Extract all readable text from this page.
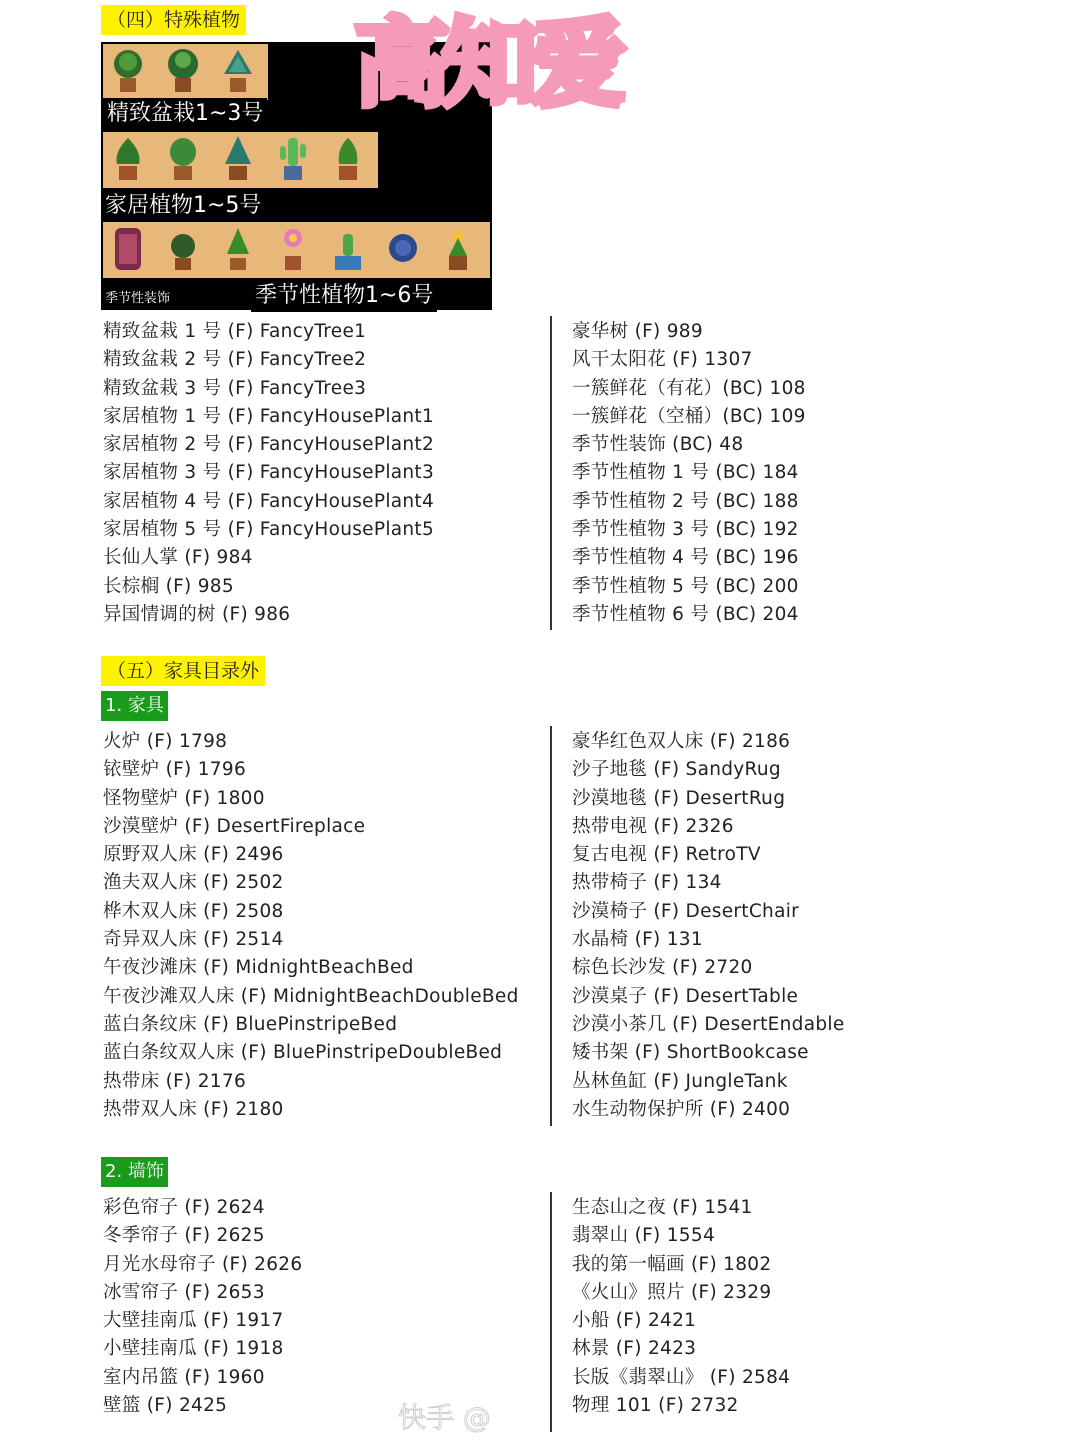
（四）特殊植物
精致盆栽1~3号
家居植物1~5号
季节性装饰	季节性植物1~6号
高知爱
精致盆栽 1 号 (F) FancyTree1
精致盆栽 2 号 (F) FancyTree2
精致盆栽 3 号 (F) FancyTree3
家居植物 1 号 (F) FancyHousePlant1
家居植物 2 号 (F) FancyHousePlant2
家居植物 3 号 (F) FancyHousePlant3
家居植物 4 号 (F) FancyHousePlant4
家居植物 5 号 (F) FancyHousePlant5
长仙人掌 (F) 984
长棕榈 (F) 985
异国情调的树 (F) 986
豪华树 (F) 989
风干太阳花 (F) 1307
一簇鲜花（有花）(BC) 108
一簇鲜花（空桶）(BC) 109
季节性装饰 (BC) 48
季节性植物 1 号 (BC) 184
季节性植物 2 号 (BC) 188
季节性植物 3 号 (BC) 192
季节性植物 4 号 (BC) 196
季节性植物 5 号 (BC) 200
季节性植物 6 号 (BC) 204
（五）家具目录外
1. 家具
火炉 (F) 1798
铱壁炉 (F) 1796
怪物壁炉 (F) 1800
沙漠壁炉 (F) DesertFireplace
原野双人床 (F) 2496
渔夫双人床 (F) 2502
桦木双人床 (F) 2508
奇异双人床 (F) 2514
午夜沙滩床 (F) MidnightBeachBed
午夜沙滩双人床 (F) MidnightBeachDoubleBed
蓝白条纹床 (F) BluePinstripeBed
蓝白条纹双人床 (F) BluePinstripeDoubleBed
热带床 (F) 2176
热带双人床 (F) 2180
豪华红色双人床 (F) 2186
沙子地毯 (F) SandyRug
沙漠地毯 (F) DesertRug
热带电视 (F) 2326
复古电视 (F) RetroTV
热带椅子 (F) 134
沙漠椅子 (F) DesertChair
水晶椅 (F) 131
棕色长沙发 (F) 2720
沙漠桌子 (F) DesertTable
沙漠小茶几 (F) DesertEndable
矮书架 (F) ShortBookcase
丛林鱼缸 (F) JungleTank
水生动物保护所 (F) 2400
2. 墙饰
彩色帘子 (F) 2624
冬季帘子 (F) 2625
月光水母帘子 (F) 2626
冰雪帘子 (F) 2653
大壁挂南瓜 (F) 1917
小壁挂南瓜 (F) 1918
室内吊篮 (F) 1960
壁篮 (F) 2425
生态山之夜 (F) 1541
翡翠山 (F) 1554
我的第一幅画 (F) 1802
《火山》照片 (F) 2329
小船 (F) 2421
林景 (F) 2423
长版《翡翠山》 (F) 2584
物理 101 (F) 2732
快手 @
